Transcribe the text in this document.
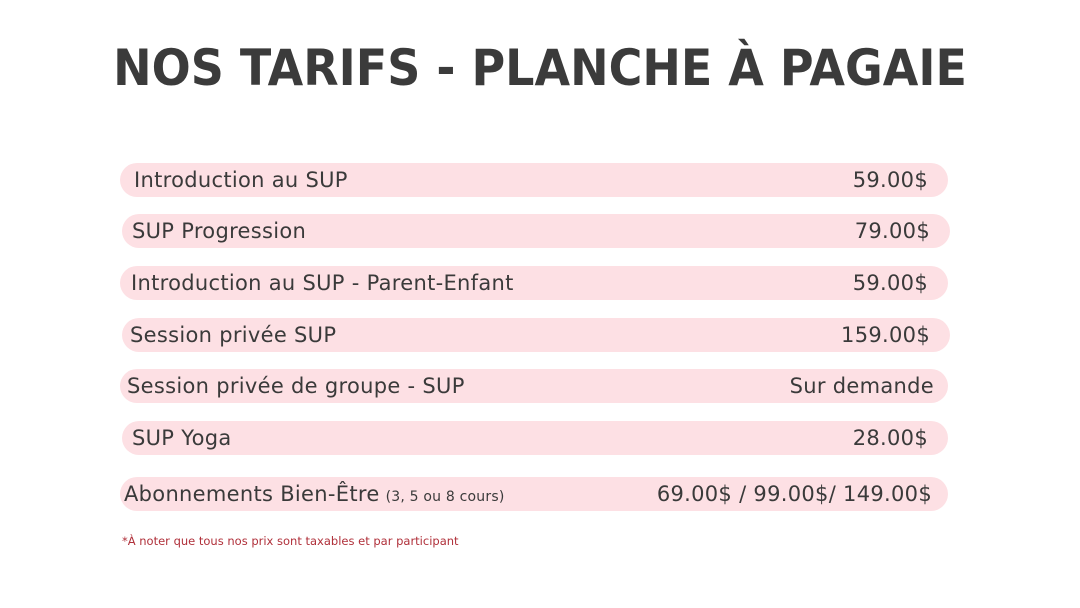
NOS TARIFS - PLANCHE À PAGAIE
Introduction au SUP	59.00$
SUP Progression	79.00$
Introduction au SUP - Parent-Enfant	59.00$
Session privée SUP	159.00$
Session privée de groupe - SUP	Sur demande
SUP Yoga	28.00$
Abonnements Bien-Être (3, 5 ou 8 cours)	69.00$ / 99.00$/ 149.00$
*À noter que tous nos prix sont taxables et par participant
